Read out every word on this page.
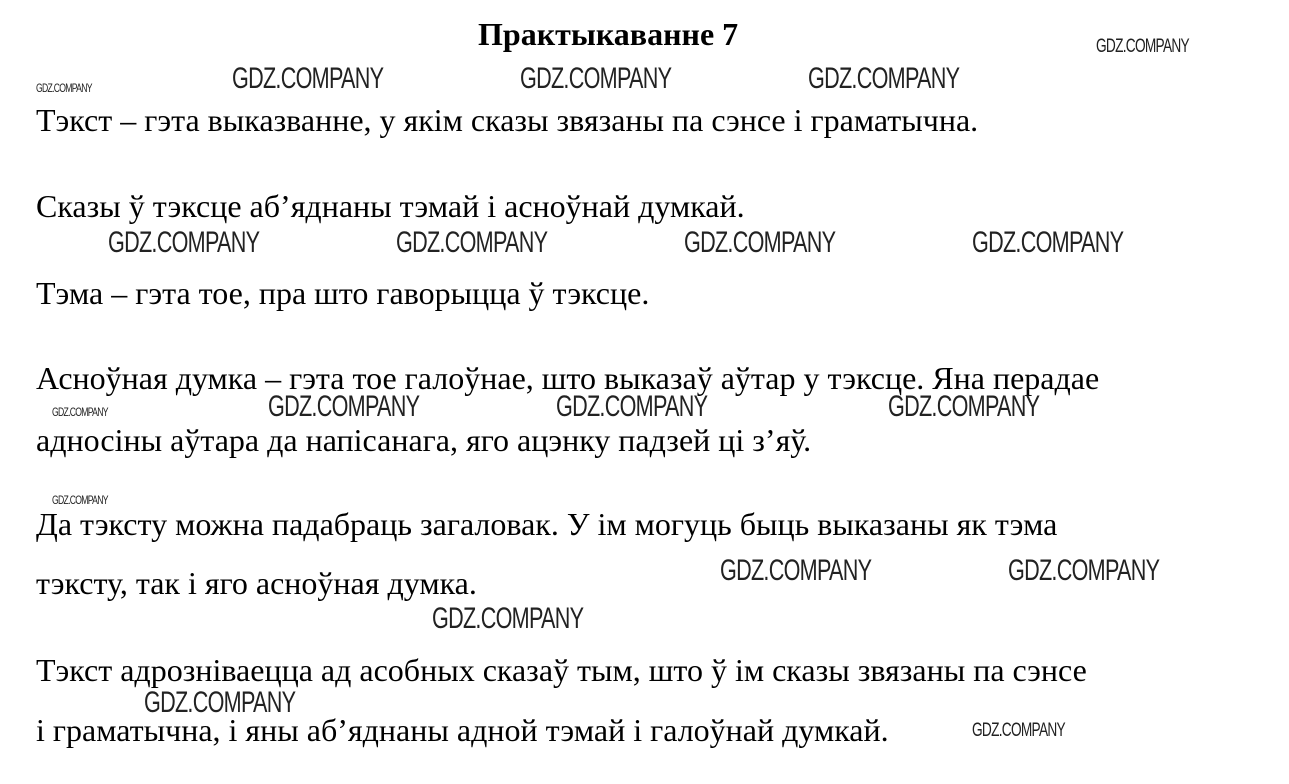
Практыкаванне 7
Тэкст – гэта выказванне, у якім сказы звязаны па сэнсе і граматычна.
Сказы ў тэксце аб’яднаны тэмай і асноўнай думкай.
Тэма – гэта тое, пра што гаворыцца ў тэксце.
Асноўная думка – гэта тое галоўнае, што выказаў аўтар у тэксце. Яна перадае
адносіны аўтара да напісанага, яго ацэнку падзей ці з’яў.
Да тэксту можна падабраць загаловак. У ім могуць быць выказаны як тэма
тэксту, так і яго асноўная думка.
Тэкст адрозніваецца ад асобных сказаў тым, што ў ім сказы звязаны па сэнсе
і граматычна, і яны аб’яднаны адной тэмай і галоўнай думкай.
GDZ.COMPANY
GDZ.COMPANY	GDZ.COMPANY	GDZ.COMPANY	GDZ.COMPANY
GDZ.COMPANY	GDZ.COMPANY	GDZ.COMPANY	GDZ.COMPANY
GDZ.COMPANY	GDZ.COMPANY	GDZ.COMPANY	GDZ.COMPANY
GDZ.COMPANY
GDZ.COMPANY	GDZ.COMPANY
GDZ.COMPANY
GDZ.COMPANY
GDZ.COMPANY
